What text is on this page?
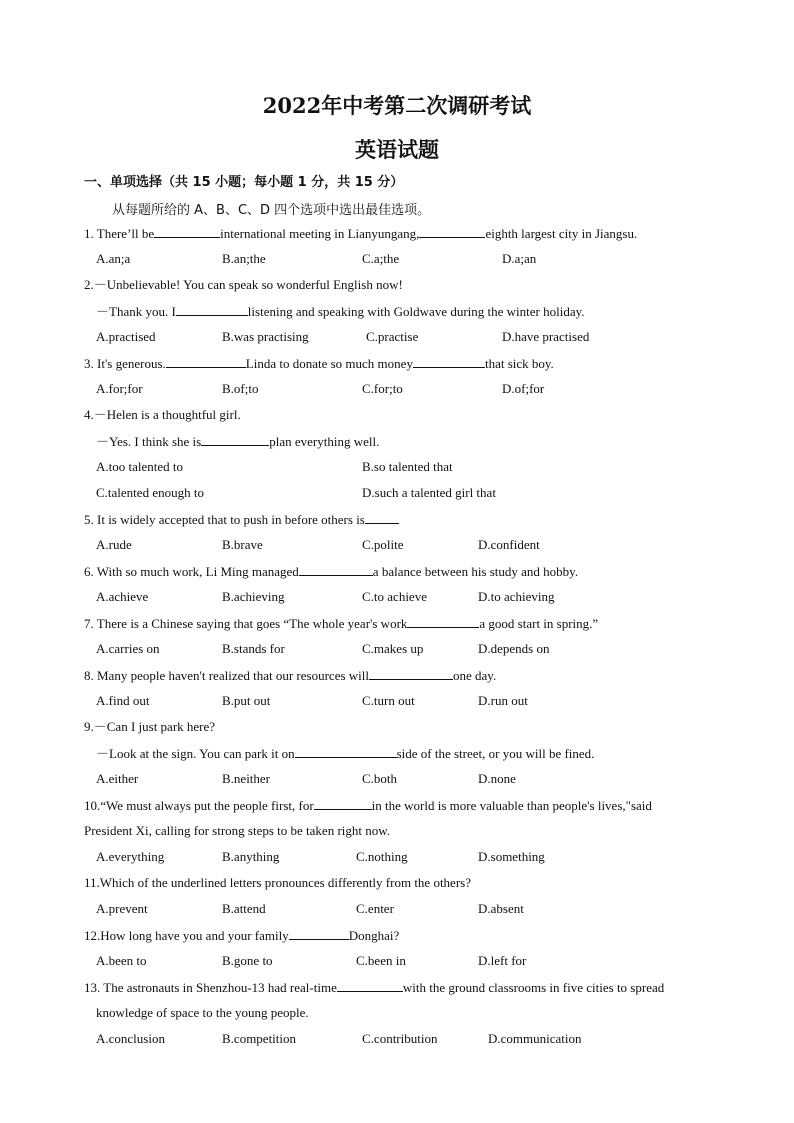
2022年中考第二次调研考试
英语试题
一、单项选择（共 15 小题；每小题 1 分，共 15 分）
从每题所给的 A、B、C、D 四个选项中选出最佳选项。
1. There’ll be	international meeting in Lianyungang,	eighth largest city in Jiangsu.
A.an;a	B.an;the	C.a;the	D.a;an
2.－Unbelievable! You can speak so wonderful English now!
－Thank you. I	listening and speaking with Goldwave during the winter holiday.
A.practised	B.was practising	C.practise	D.have practised
3. It's generous.	Linda to donate so much money	that sick boy.
A.for;for	B.of;to	C.for;to	D.of;for
4.－Helen is a thoughtful girl.
－Yes. I think she is	plan everything well.
A.too talented to	B.so talented that
C.talented enough to	D.such a talented girl that
5. It is widely accepted that to push in before others is
A.rude	B.brave	C.polite	D.confident
6. With so much work, Li Ming managed	a balance between his study and hobby.
A.achieve	B.achieving	C.to achieve	D.to achieving
7. There is a Chinese saying that goes “The whole year's work	a good start in spring.”
A.carries on	B.stands for	C.makes up	D.depends on
8. Many people haven't realized that our resources will	one day.
A.find out	B.put out	C.turn out	D.run out
9.－Can I just park here?
－Look at the sign. You can park it on	side of the street, or you will be fined.
A.either	B.neither	C.both	D.none
10.“We must always put the people first, for	in the world is more valuable than people's lives,"said
President Xi, calling for strong steps to be taken right now.
A.everything	B.anything	C.nothing	D.something
11.Which of the underlined letters pronounces differently from the others?
A.prevent	B.attend	C.enter	D.absent
12.How long have you and your family	Donghai?
A.been to	B.gone to	C.been in	D.left for
13. The astronauts in Shenzhou-13 had real-time	with the ground classrooms in five cities to spread
knowledge of space to the young people.
A.conclusion	B.competition	C.contribution	D.communication
